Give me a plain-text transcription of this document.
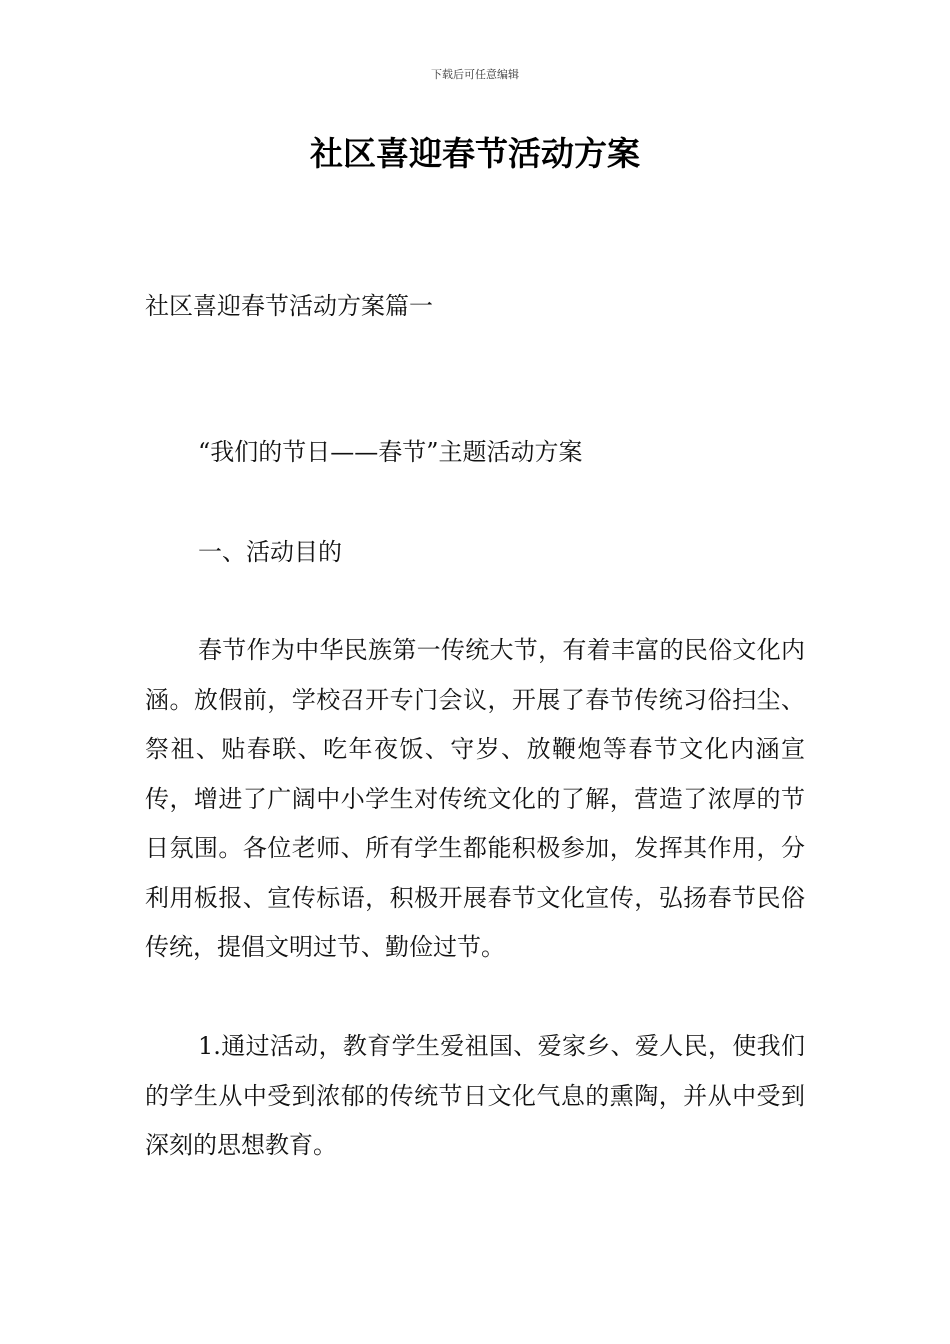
下载后可任意编辑
社区喜迎春节活动方案

社区喜迎春节活动方案篇一

“我们的节日——春节”主题活动方案

一、活动目的

春节作为中华民族第一传统大节，有着丰富的民俗文化内涵。放假前，学校召开专门会议，开展了春节传统习俗扫尘、祭祖、贴春联、吃年夜饭、守岁、放鞭炮等春节文化内涵宣传，增进了广阔中小学生对传统文化的了解，营造了浓厚的节日氛围。各位老师、所有学生都能积极参加，发挥其作用，分利用板报、宣传标语，积极开展春节文化宣传，弘扬春节民俗传统，提倡文明过节、勤俭过节。

1.通过活动，教育学生爱祖国、爱家乡、爱人民，使我们的学生从中受到浓郁的传统节日文化气息的熏陶，并从中受到深刻的思想教育。
